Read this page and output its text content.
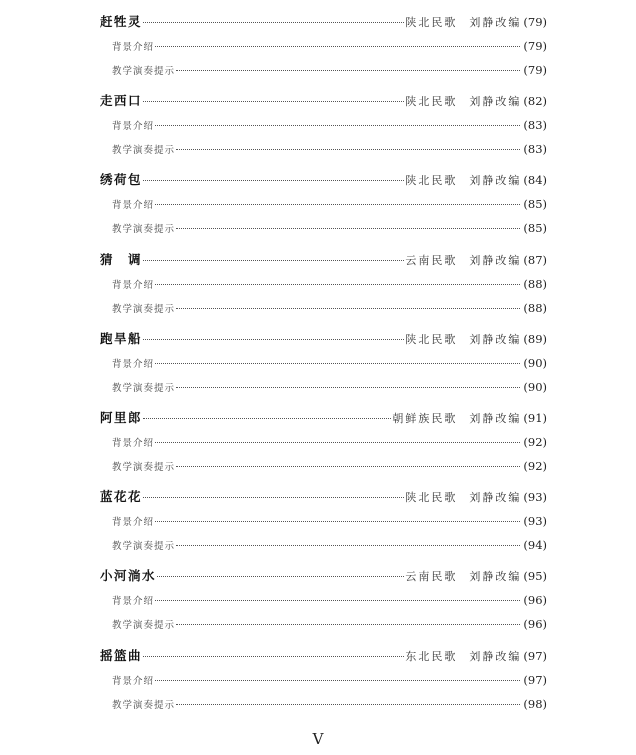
赶牲灵	陕北民歌 刘静改编 (79)
背景介绍	(79)
教学演奏提示	(79)
走西口	陕北民歌 刘静改编 (82)
背景介绍	(83)
教学演奏提示	(83)
绣荷包	陕北民歌 刘静改编 (84)
背景介绍	(85)
教学演奏提示	(85)
猜　调	云南民歌 刘静改编 (87)
背景介绍	(88)
教学演奏提示	(88)
跑旱船	陕北民歌 刘静改编 (89)
背景介绍	(90)
教学演奏提示	(90)
阿里郎	朝鲜族民歌 刘静改编 (91)
背景介绍	(92)
教学演奏提示	(92)
蓝花花	陕北民歌 刘静改编 (93)
背景介绍	(93)
教学演奏提示	(94)
小河淌水	云南民歌 刘静改编 (95)
背景介绍	(96)
教学演奏提示	(96)
摇篮曲	东北民歌 刘静改编 (97)
背景介绍	(97)
教学演奏提示	(98)
V
